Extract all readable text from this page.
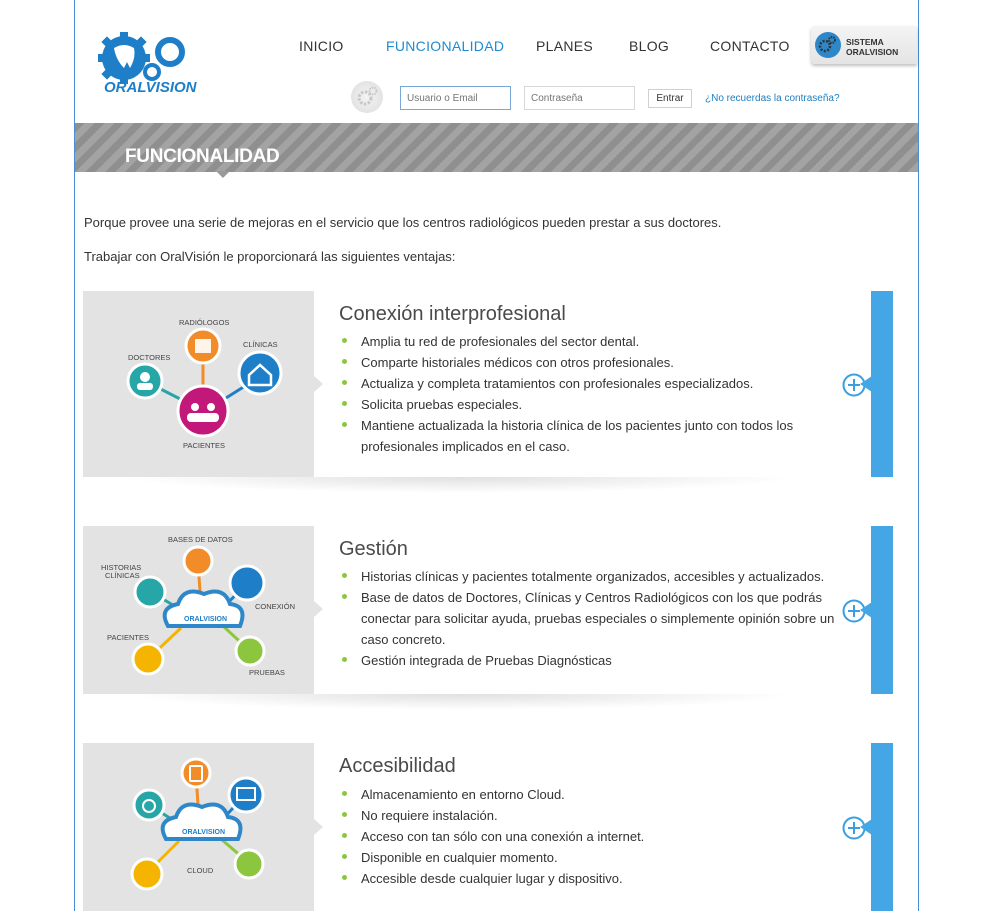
ORALVISION
INICIO	FUNCIONALIDAD PLANES	BLOG	CONTACTO	SISTEMA
ORALVISION
Usuario o Email
Entrar	¿No recuerdas la contraseña?
FUNCIONALIDAD
Porque provee una serie de mejoras en el servicio que los centros radiológicos pueden prestar a sus doctores.
Trabajar con OralVisión le proporcionará las siguientes ventajas:
RADIÓLOGOS
DOCTORES
CLÍNICAS
PACIENTES
Conexión interprofesional
Amplia tu red de profesionales del sector dental.
Comparte historiales médicos con otros profesionales.
Actualiza y completa tratamientos con profesionales especializados.
Solicita pruebas especiales.
Mantiene actualizada la historia clínica de los pacientes junto con todos los profesionales implicados en el caso.
ORALVISION
BASES DE DATOS
HISTORIAS
CLÍNICAS
CONEXIÓN
PACIENTES
PRUEBAS
Gestión
Historias clínicas y pacientes totalmente organizados, accesibles y actualizados.
Base de datos de Doctores, Clínicas y Centros Radiológicos con los que podrás conectar para solicitar ayuda, pruebas especiales o simplemente opinión sobre un caso concreto.
Gestión integrada de Pruebas Diagnósticas
ORALVISION
CLOUD
Accesibilidad
Almacenamiento en entorno Cloud.
No requiere instalación.
Acceso con tan sólo con una conexión a internet.
Disponible en cualquier momento.
Accesible desde cualquier lugar y dispositivo.
